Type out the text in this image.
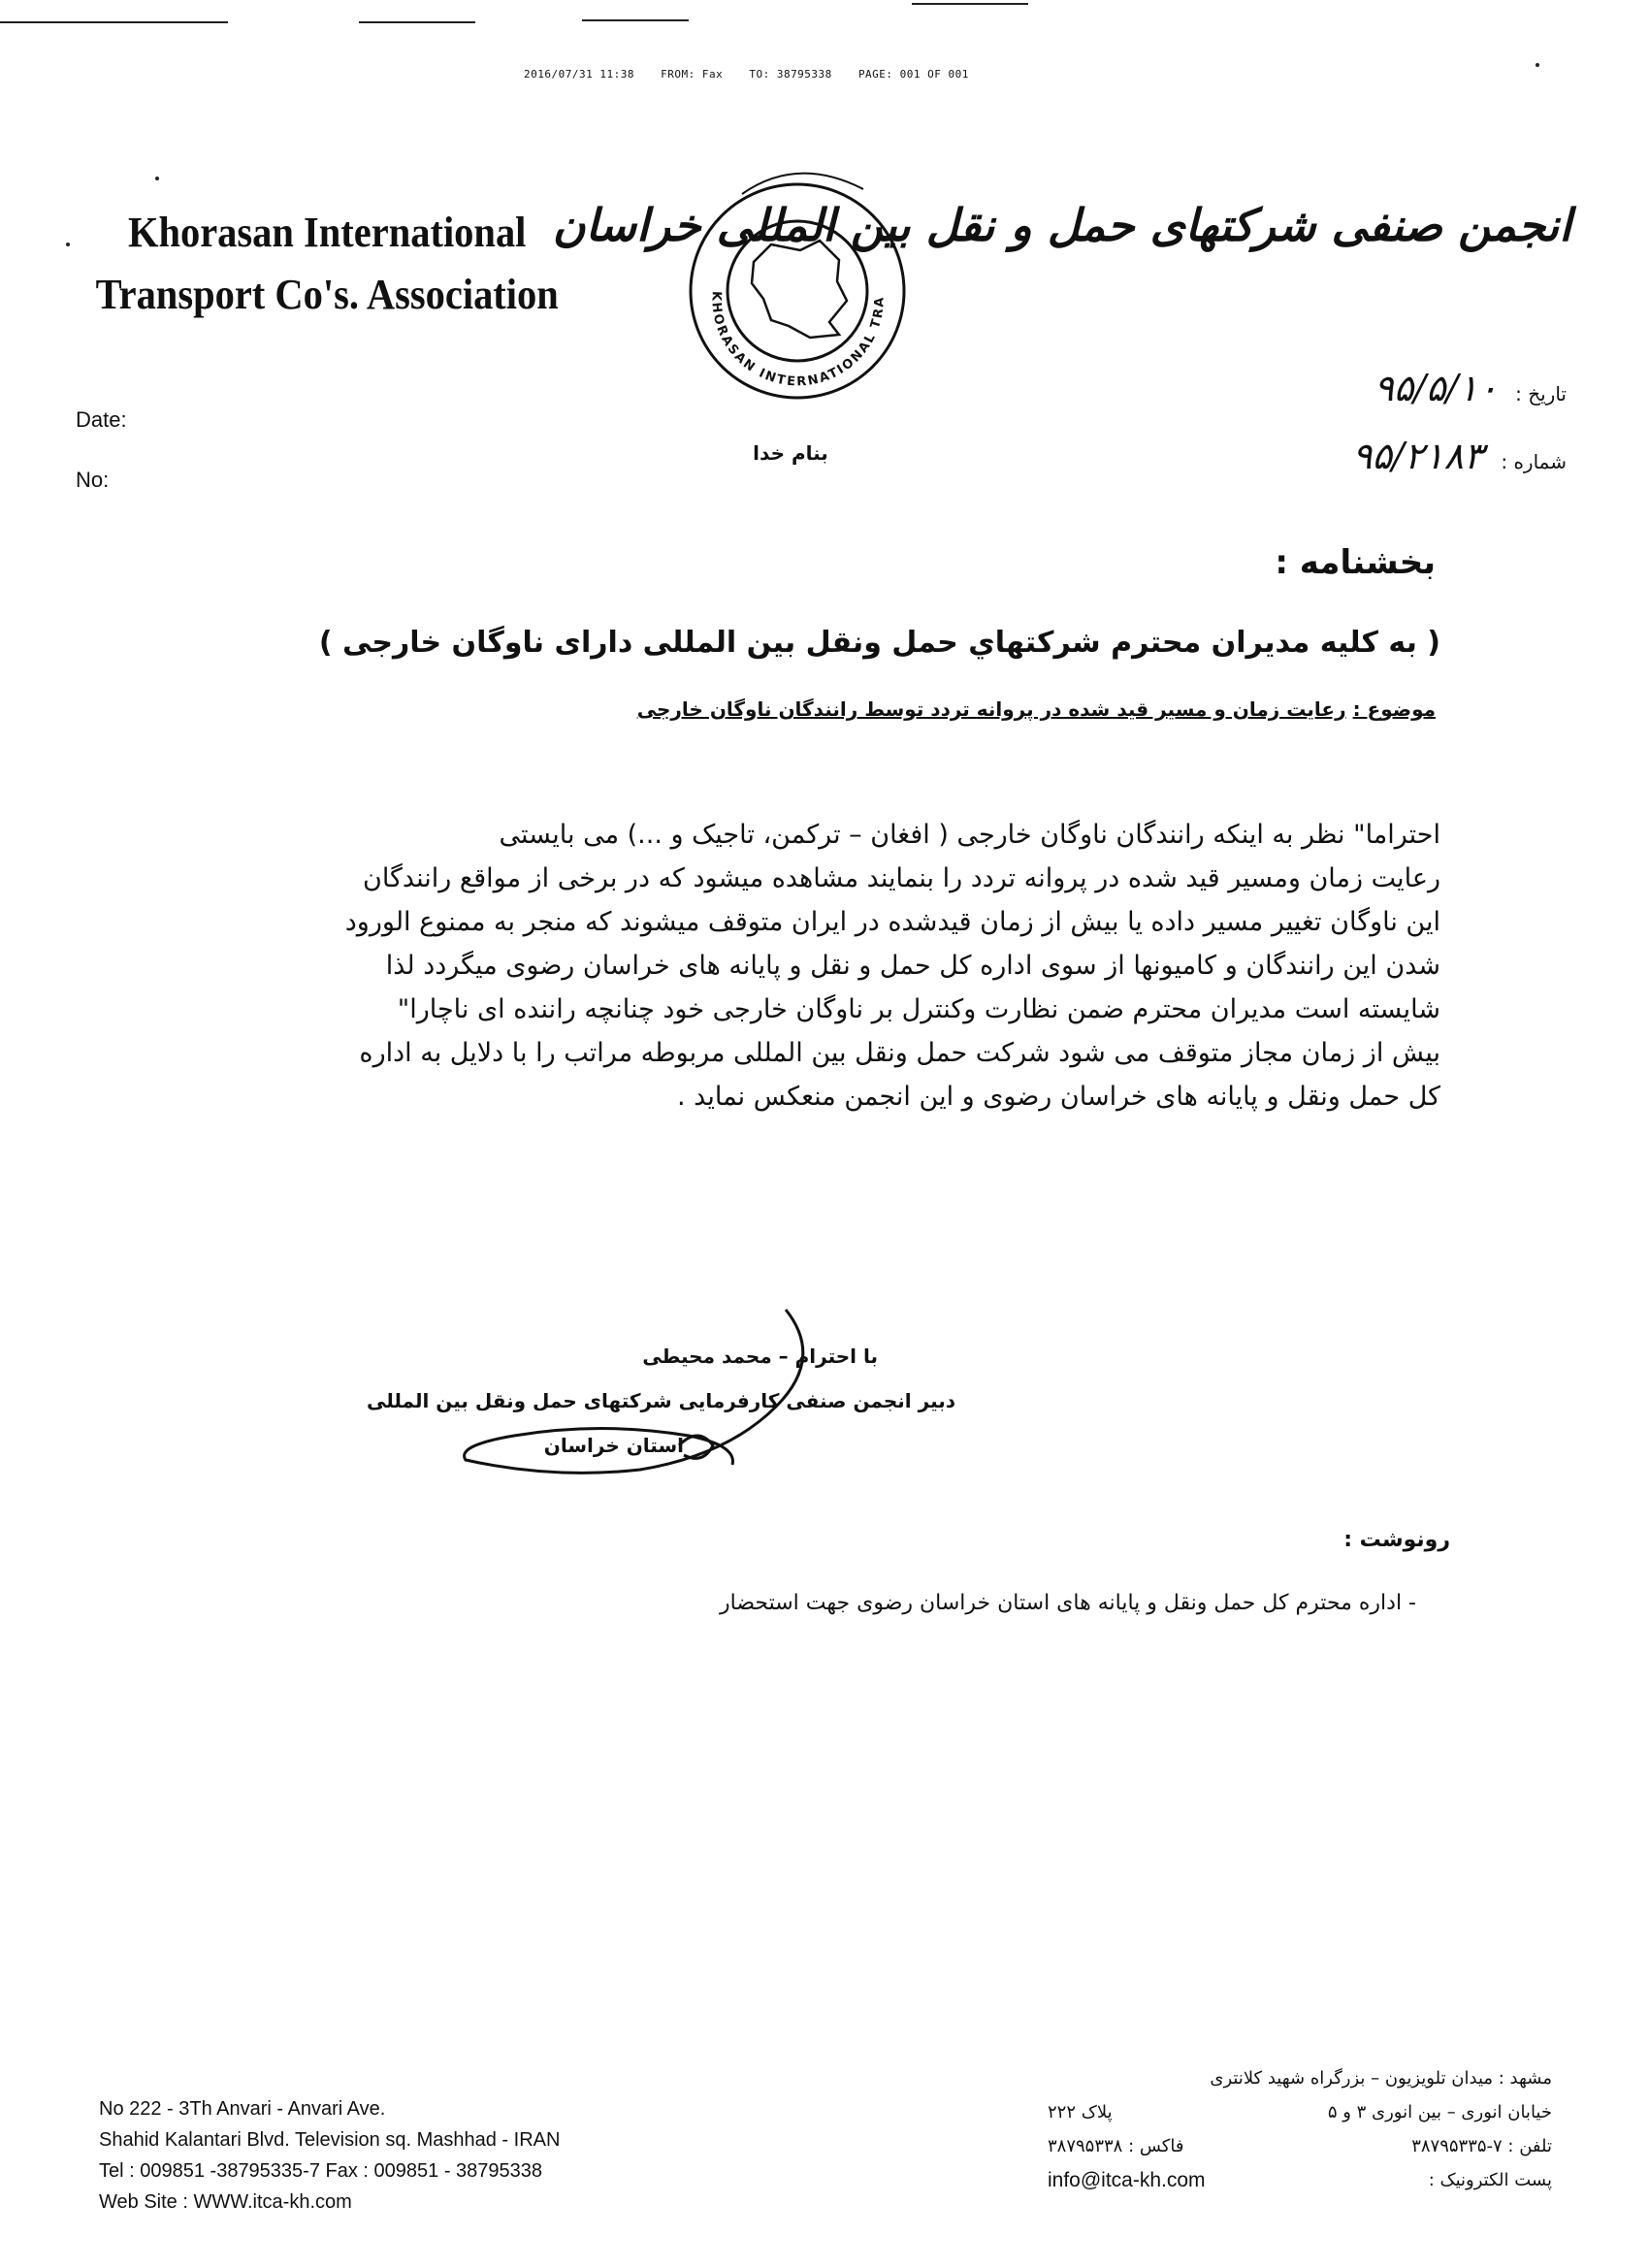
2016/07/31 11:38 FROM: Fax TO: 38795338 PAGE: 001 OF 001
Khorasan International
Transport Co's. Association	KHORASAN INTERNATIONAL TRA
انجمن صنفی شرکتهای حمل و نقل بین المللی خراسان
بنام خدا
Date:
No:
تاریخ :
۹۵/۵/۱۰
شماره :
۹۵/۲۱۸۳
بخشنامه :
( به کلیه مدیران محترم شرکتهاي حمل ونقل بین المللی دارای ناوگان خارجی )
موضوع : رعایت زمان و مسیر قید شده در پروانه تردد توسط رانندگان ناوگان خارجی

احتراما" نظر به اینکه رانندگان ناوگان خارجی ( افغان – ترکمن، تاجیک و ...) می بایستی

رعایت زمان ومسیر قید شده در پروانه تردد را بنمایند مشاهده میشود که در برخی از مواقع رانندگان

این ناوگان تغییر مسیر داده یا بیش از زمان قیدشده در ایران متوقف میشوند که منجر به ممنوع الورود

شدن این رانندگان و کامیونها از سوی اداره کل حمل و نقل و پایانه های خراسان رضوی میگردد لذا

شایسته است مدیران محترم ضمن نظارت وکنترل بر ناوگان خارجی خود چنانچه راننده ای ناچارا"

بیش از زمان مجاز متوقف می شود شرکت حمل ونقل بین المللی مربوطه مراتب را با دلایل به اداره

کل حمل ونقل و پایانه های خراسان رضوی و این انجمن منعکس نماید .

با احترام – محمد محیطی
دبیر انجمن صنفی کارفرمایی شرکتهای حمل ونقل بین المللی
استان خراسان
رونوشت :
- اداره محترم کل حمل ونقل و پایانه های استان خراسان رضوی جهت استحضار
No 222 - 3Th Anvari - Anvari Ave.
Shahid Kalantari Blvd. Television sq. Mashhad - IRAN
Tel : 009851 -38795335-7 Fax : 009851 - 38795338
Web Site : WWW.itca-kh.com
مشهد : میدان تلویزیون – بزرگراه شهید کلانتری
خیابان انوری – بین انوری ۳ و ۵
پلاک ۲۲۲
تلفن : ۷-۳۸۷۹۵۳۳۵
فاکس : ۳۸۷۹۵۳۳۸
پست الکترونیک :
info@itca-kh.com
